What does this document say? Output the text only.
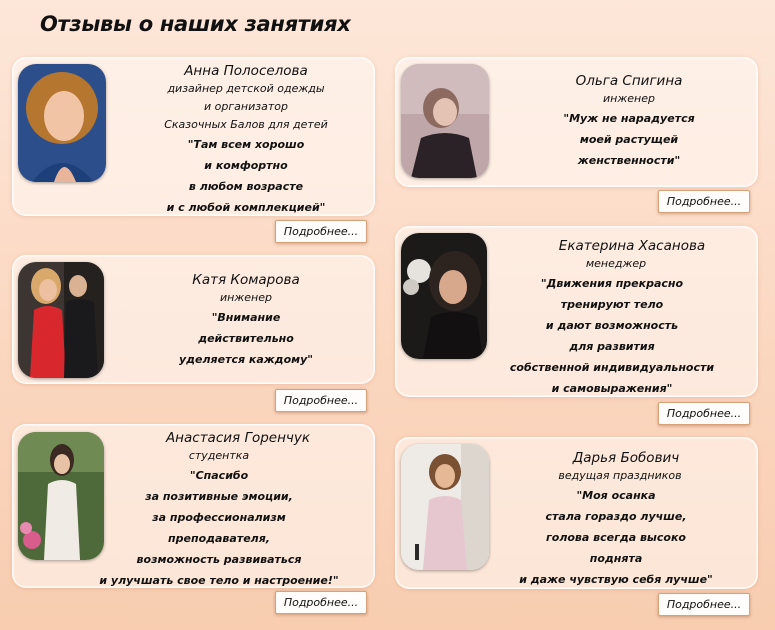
Отзывы о наших занятиях
Анна Полоселова
дизайнер детской одежды
и организатор
Сказочных Балов для детей
"Там всем хорошо
и комфортно
в любом возрасте
и с любой комплекцией"
Подробнее...
Катя Комарова
инженер
"Внимание
действительно
уделяется каждому"
Подробнее...
Анастасия Горенчук
студентка
"Спасибо
за позитивные эмоции,
за профессионализм
преподавателя,
возможность развиваться
и улучшать свое тело и настроение!"
Подробнее...
Ольга Спигина
инженер
"Муж не нарадуется
моей растущей
женственности"
Подробнее...
Екатерина Хасанова
менеджер
"Движения прекрасно
тренируют тело
и дают возможность
для развития
собственной индивидуальности
и самовыражения"
Подробнее...
Дарья Бобович
ведущая праздников
"Моя осанка
стала гораздо лучше,
голова всегда высоко
поднята
и даже чувствую себя лучше"
Подробнее...
